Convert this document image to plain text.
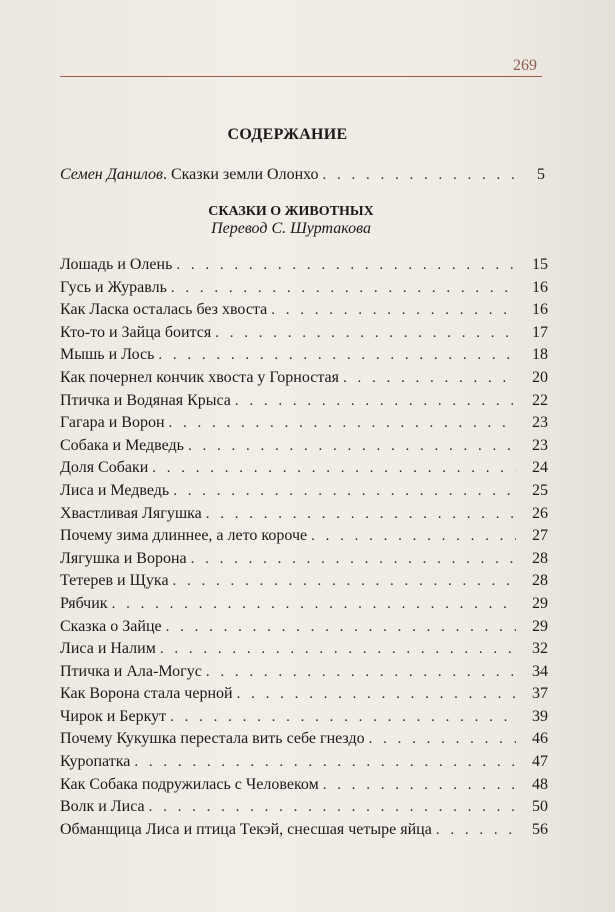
269
СОДЕРЖАНИЕ
Семен Данилов . Сказки земли Олонхо . . .	5
СКАЗКИ О ЖИВОТНЫХ
Перевод С. Шуртакова
Лошадь и Олень . . .	15
Гусь и Журавль . . .	16
Как Ласка осталась без хвоста . . .	16
Кто-то и Зайца боится . . .	17
Мышь и Лось . . .	18
Как почернел кончик хвоста у Горностая . . .	20
Птичка и Водяная Крыса . . .	22
Гагара и Ворон . . .	23
Собака и Медведь . . .	23
Доля Собаки . . .	24
Лиса и Медведь . . .	25
Хвастливая Лягушка . . .	26
Почему зима длиннее, а лето короче . . .	27
Лягушка и Ворона . . .	28
Тетерев и Щука . . .	28
Рябчик . . .	29
Сказка о Зайце . . .	29
Лиса и Налим . . .	32
Птичка и Ала-Могус . . .	34
Как Ворона стала черной . . .	37
Чирок и Беркут . . .	39
Почему Кукушка перестала вить себе гнездо . . .	46
Куропатка . . .	47
Как Собака подружилась с Человеком . . .	48
Волк и Лиса . . .	50
Обманщица Лиса и птица Текэй, снесшая четыре яйца . . .	56
